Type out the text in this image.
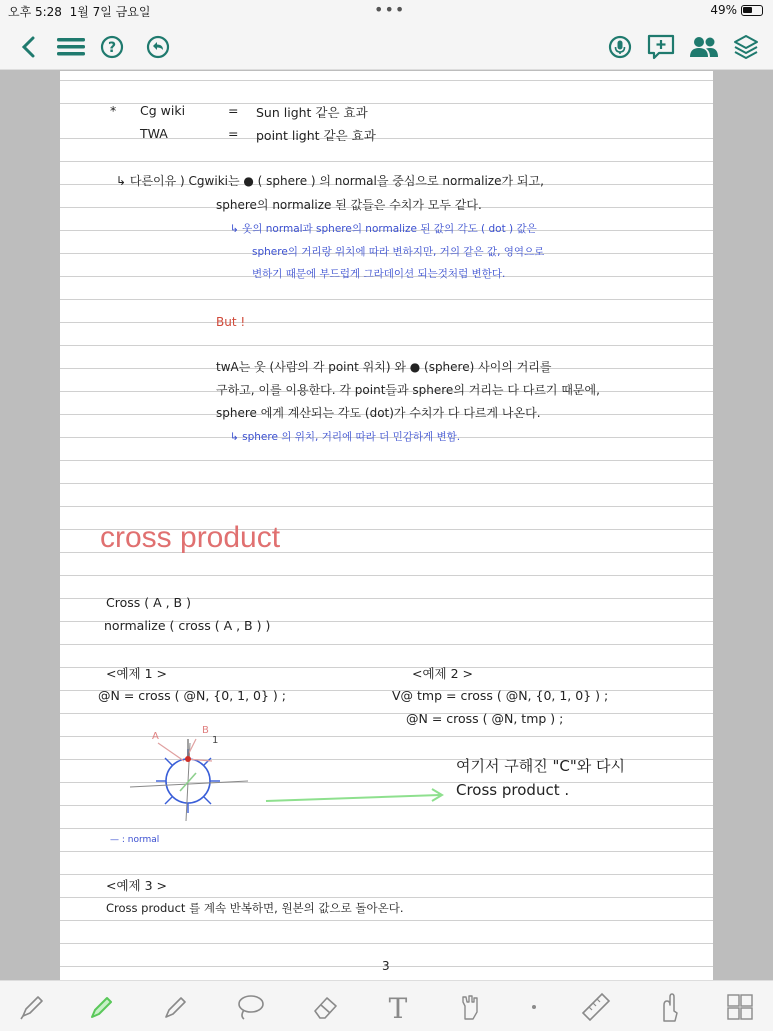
오후 5:28 1월 7일 금요일	•••	49%
?
* Cg wiki	= Sun light 같은 효과
TWA	= point light 같은 효과
↳ 다른이유 ) Cgwiki는 ● ( sphere ) 의 normal을 중심으로 normalize가 되고,
sphere의 normalize 된 값들은 수치가 모두 같다.
↳ 웃의 normal과 sphere의 normalize 된 값의 각도 ( dot ) 값은
sphere의 거리랑 위치에 따라 변하지만, 거의 같은 값, 영역으로
변하기 때문에 부드럽게 그라데이션 되는것처럼 변한다.
But !
twA는 웃 (사람의 각 point 위치) 와 ● (sphere) 사이의 거리를
구하고, 이를 이용한다. 각 point들과 sphere의 거리는 다 다르기 때문에,
sphere 에게 계산되는 각도 (dot)가 수치가 다 다르게 나온다.
↳ sphere 의 위치, 거리에 따라 더 민감하게 변함.
cross product
Cross ( A , B )
normalize ( cross ( A , B ) )
<예제 1 >
@N = cross ( @N, {0, 1, 0} ) ;
<예제 2 >
V@ tmp = cross ( @N, {0, 1, 0} ) ;
@N = cross ( @N, tmp ) ;
A
B
1
여기서 구해진 "C"와 다시
Cross product .
— : normal
<예제 3 >
Cross product 를 계속 반복하면, 원본의 값으로 돌아온다.
3
T
